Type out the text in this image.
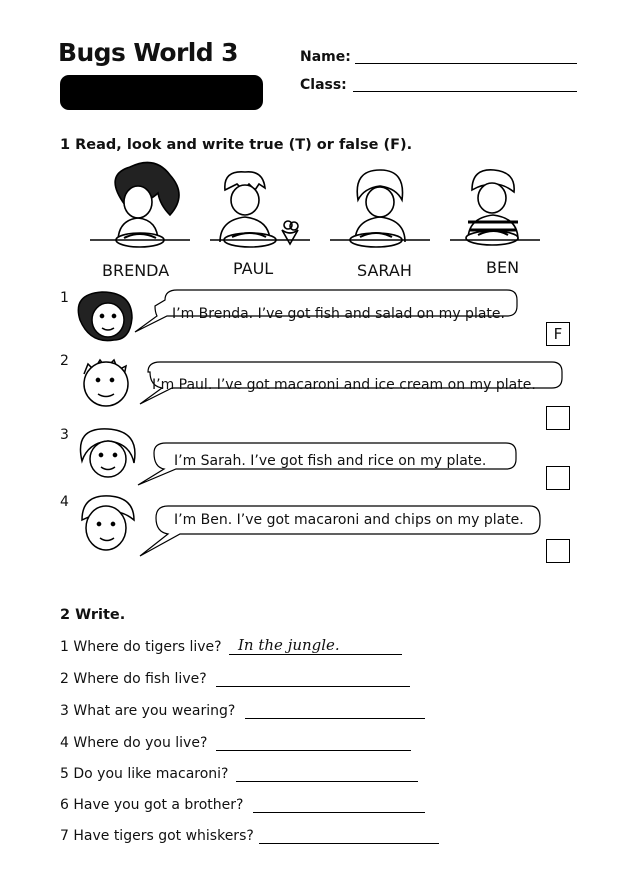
Bugs World 3	Name:
Class:
1 Read, look and write true (T) or false (F).
BRENDA	PAUL	SARAH	BEN
1
I’m Brenda. I’ve got fish and salad on my plate.
F
2
I’m Paul. I’ve got macaroni and ice cream on my plate.
3
I’m Sarah. I’ve got fish and rice on my plate.
4
I’m Ben. I’ve got macaroni and chips on my plate.
2 Write.
1 Where do tigers live? In the jungle.
2 Where do fish live?
3 What are you wearing?
4 Where do you live?
5 Do you like macaroni?
6 Have you got a brother?
7 Have tigers got whiskers?
